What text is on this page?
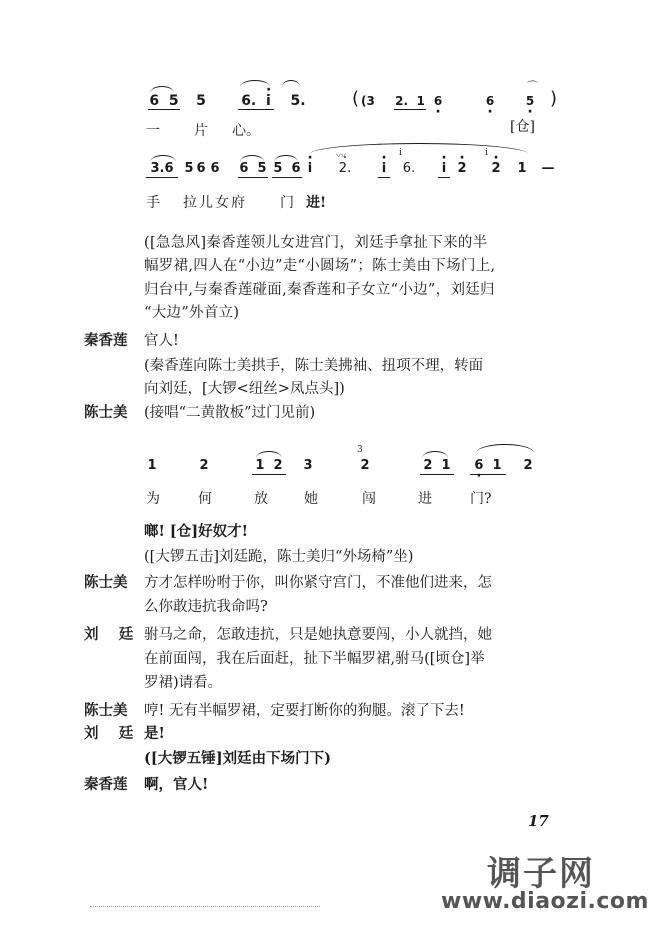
6 5 5	6. · i	5.	( (3 2. 1 6 ·	6 ·	5 ·
⌒
)
一 片 心。	[仓]
3.6 5 6 6 6 5 5 6 · i
〰
· 2.	· i
i
6.	· i · 2
i
· 2 1 —
手 拉儿女府 门 进!
([急急风]秦香莲领儿女进宫门，刘廷手拿扯下来的半
幅罗裙,四人在“小边”走“小圆场”；陈士美由下场门上,
归台中,与秦香莲碰面,秦香莲和子女立“小边”，刘廷归
“大边”外首立)
秦香莲 官人!
(秦香莲向陈士美拱手，陈士美拂袖、扭项不理，转面
向刘廷，[大锣<纽丝>凤点头])
陈士美 (接唱“二黄散板”过门见前)
1	2	1 2 3
3
2	2 1	6 · 1	2
为	何	放	她	闯	进	门?
啷! [仓]好奴才!
([大锣五击]刘廷跪，陈士美归“外场椅”坐)
陈士美 方才怎样吩咐于你，叫你紧守宫门，不准他们进来，怎
么你敢违抗我命吗?
刘    廷 驸马之命，怎敢违抗，只是她执意要闯，小人就挡，她
在前面闯，我在后面赶，扯下半幅罗裙,驸马([顷仓]举
罗裙)请看。
陈士美 哼! 无有半幅罗裙，定要打断你的狗腿。滚了下去!
刘    廷 是!
([大锣五锤]刘廷由下场门下)
秦香莲 啊，官人!
17
调子网
www.diaozi.com
